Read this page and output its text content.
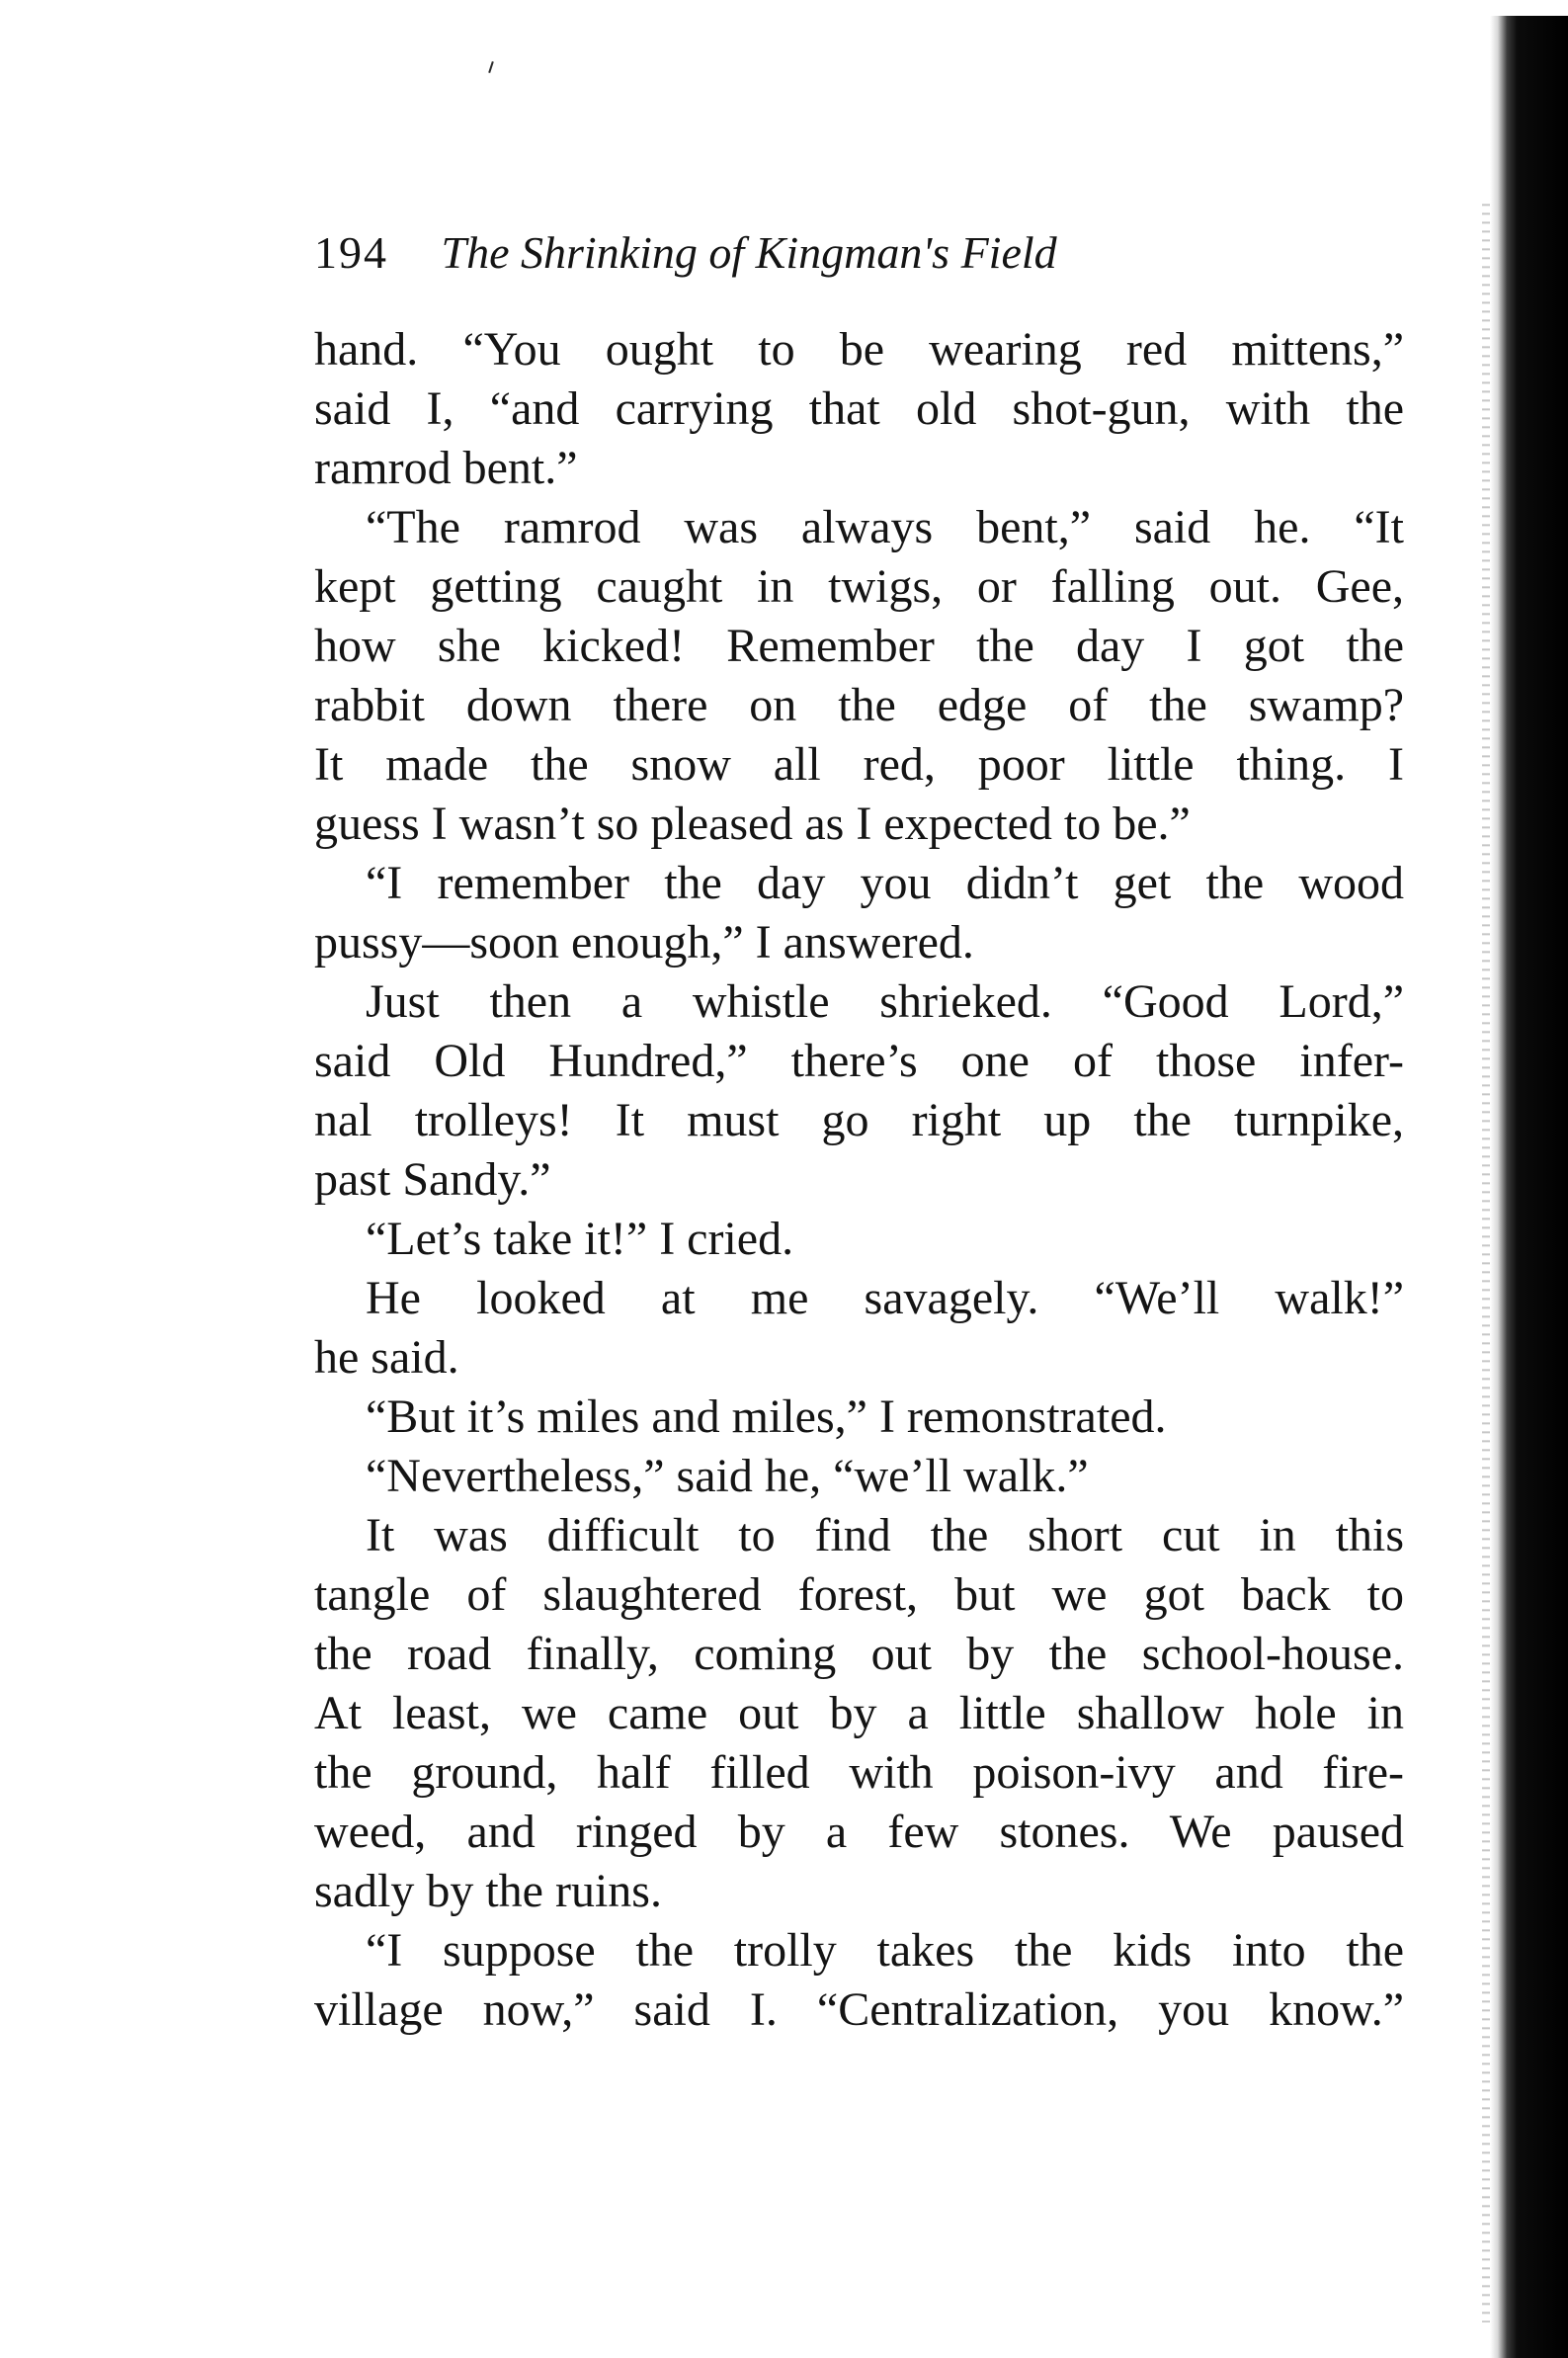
194 The Shrinking of Kingman's Field
hand. “You ought to be wearing red mittens,”
said I, “and carrying that old shot-gun, with the
ramrod bent.”
“The ramrod was always bent,” said he. “It
kept getting caught in twigs, or falling out. Gee,
how she kicked! Remember the day I got the
rabbit down there on the edge of the swamp?
It made the snow all red, poor little thing. I
guess I wasn’t so pleased as I expected to be.”
“I remember the day you didn’t get the wood
pussy—soon enough,” I answered.
Just then a whistle shrieked. “Good Lord,”
said Old Hundred,” there’s one of those infer-
nal trolleys! It must go right up the turnpike,
past Sandy.”
“Let’s take it!” I cried.
He looked at me savagely. “We’ll walk!”
he said.
“But it’s miles and miles,” I remonstrated.
“Nevertheless,” said he, “we’ll walk.”
It was difficult to find the short cut in this
tangle of slaughtered forest, but we got back to
the road finally, coming out by the school-house.
At least, we came out by a little shallow hole in
the ground, half filled with poison-ivy and fire-
weed, and ringed by a few stones. We paused
sadly by the ruins.
“I suppose the trolly takes the kids into the
village now,” said I. “Centralization, you know.”
